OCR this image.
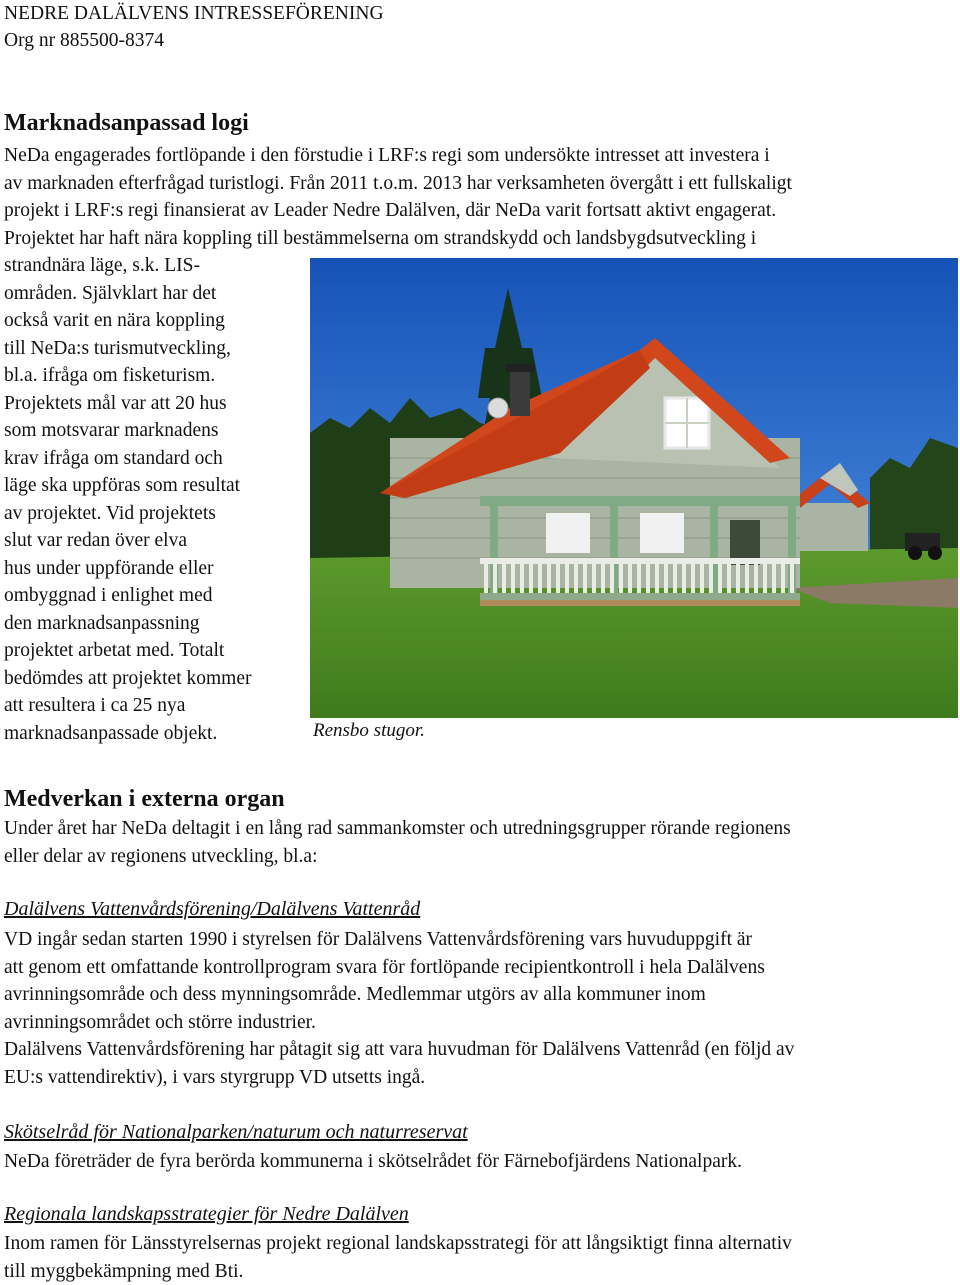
NEDRE DALÄLVENS INTRESSEFÖRENING
Org nr 885500-8374
Marknadsanpassad logi
NeDa engagerades fortlöpande i den förstudie i LRF:s regi som undersökte intresset att investera i
av marknaden efterfrågad turistlogi. Från 2011 t.o.m. 2013 har verksamheten övergått i ett fullskaligt
projekt i LRF:s regi finansierat av Leader Nedre Dalälven, där NeDa varit fortsatt aktivt engagerat.
Projektet har haft nära koppling till bestämmelserna om strandskydd och landsbygdsutveckling i
strandnära läge, s.k. LIS-
områden. Självklart har det
också varit en nära koppling
till NeDa:s turismutveckling,
bl.a. ifråga om fisketurism.
Projektets mål var att 20 hus
som motsvarar marknadens
krav ifråga om standard och
läge ska uppföras som resultat
av projektet. Vid projektets
slut var redan över elva
hus under uppförande eller
ombyggnad i enlighet med
den marknadsanpassning
projektet arbetat med. Totalt
bedömdes att projektet kommer
att resultera i ca 25 nya
marknadsanpassade objekt.	Rensbo stugor.
Medverkan i externa organ
Under året har NeDa deltagit i en lång rad sammankomster och utredningsgrupper rörande regionens
eller delar av regionens utveckling, bl.a:
Dalälvens Vattenvårdsförening/Dalälvens Vattenråd
VD ingår sedan starten 1990 i styrelsen för Dalälvens Vattenvårdsförening vars huvuduppgift är
att genom ett omfattande kontrollprogram svara för fortlöpande recipientkontroll i hela Dalälvens
avrinningsområde och dess mynningsområde. Medlemmar utgörs av alla kommuner inom
avrinningsområdet och större industrier.
Dalälvens Vattenvårdsförening har påtagit sig att vara huvudman för Dalälvens Vattenråd (en följd av
EU:s vattendirektiv), i vars styrgrupp VD utsetts ingå.
Skötselråd för Nationalparken/naturum och naturreservat
NeDa företräder de fyra berörda kommunerna i skötselrådet för Färnebofjärdens Nationalpark.
Regionala landskapsstrategier för Nedre Dalälven
Inom ramen för Länsstyrelsernas projekt regional landskapsstrategi för att långsiktigt finna alternativ
till myggbekämpning med Bti.
